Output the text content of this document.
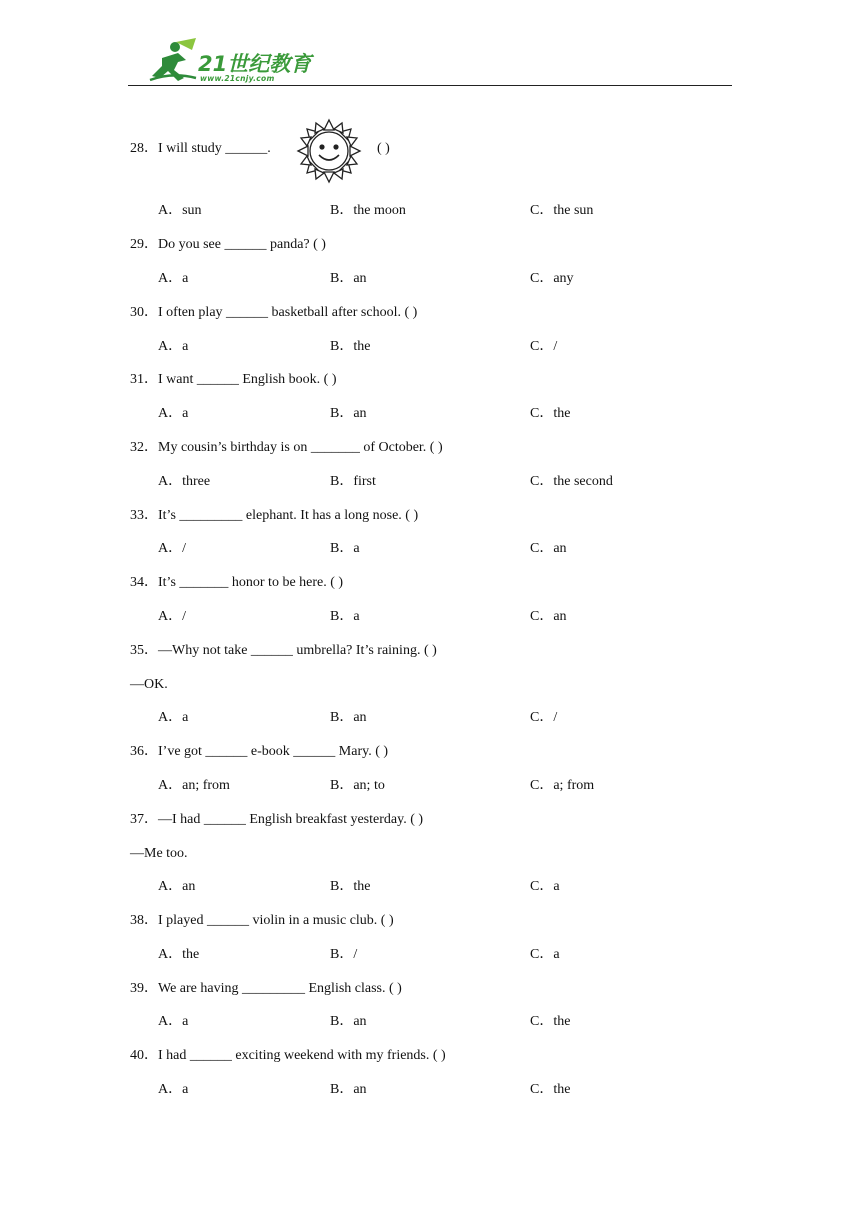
21世纪教育
www.21cnjy.com
28．I will study ______.	( )
A．sun	B．the moon	C．the sun
29．Do you see ______ panda? ( )
A．a	B．an	C．any
30．I often play ______ basketball after school. ( )
A．a	B．the	C．/
31．I want ______ English book. ( )
A．a	B．an	C．the
32．My cousin’s birthday is on _______ of October. ( )
A．three	B．first	C．the second
33．It’s _________ elephant. It has a long nose. ( )
A．/	B．a	C．an
34．It’s _______ honor to be here. ( )
A．/	B．a	C．an
35．—Why not take ______ umbrella? It’s raining. ( )
—OK.
A．a	B．an	C．/
36．I’ve got ______ e-book ______ Mary. ( )
A．an; from	B．an; to	C．a; from
37．—I had ______ English breakfast yesterday. ( )
—Me too.
A．an	B．the	C．a
38．I played ______ violin in a music club. ( )
A．the	B．/	C．a
39．We are having _________ English class. ( )
A．a	B．an	C．the
40．I had ______ exciting weekend with my friends. ( )
A．a	B．an	C．the
